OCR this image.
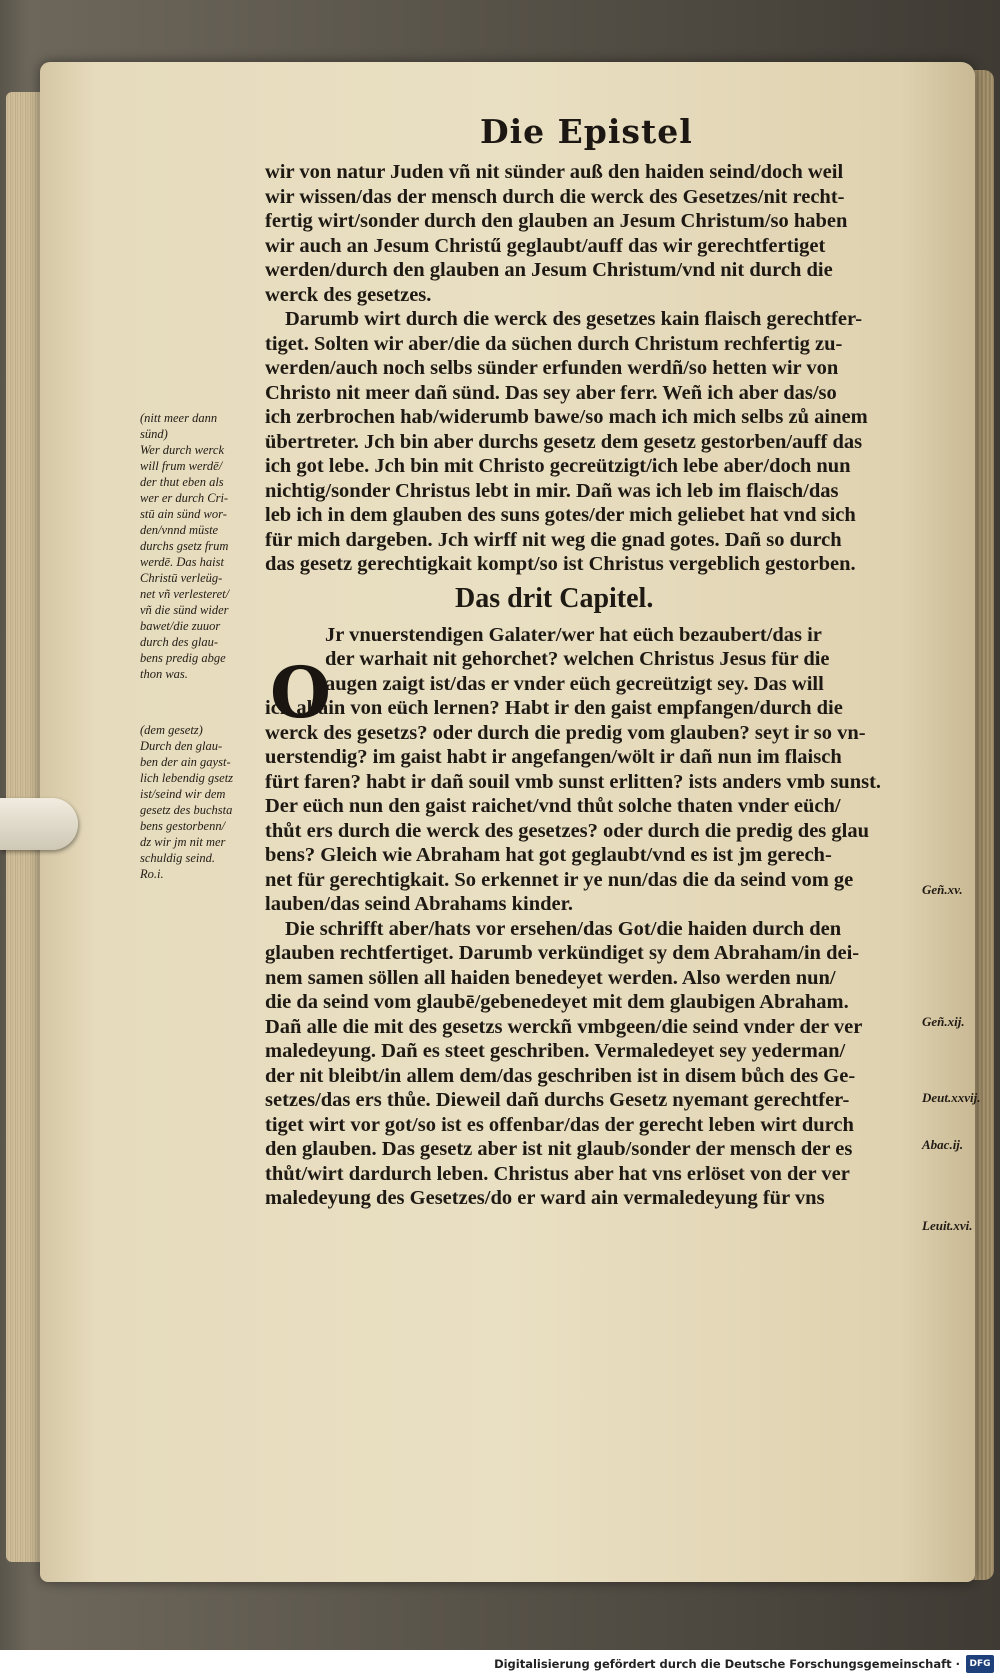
Die Epistel
wir von natur Juden vñ nit sünder auß den haiden seind/doch weil
wir wissen/das der mensch durch die werck des Gesetzes/nit recht-
fertig wirt/sonder durch den glauben an Jesum Christum/so haben
wir auch an Jesum Christű geglaubt/auff das wir gerechtfertiget
werden/durch den glauben an Jesum Christum/vnd nit durch die
werck des gesetzes.
Darumb wirt durch die werck des gesetzes kain flaisch gerechtfer-
tiget. Solten wir aber/die da süchen durch Christum rechfertig zu-
werden/auch noch selbs sünder erfunden werdñ/so hetten wir von
Christo nit meer dañ sünd. Das sey aber ferr. Weñ ich aber das/so
ich zerbrochen hab/widerumb bawe/so mach ich mich selbs zů ainem
übertreter. Jch bin aber durchs gesetz dem gesetz gestorben/auff das
ich got lebe. Jch bin mit Christo gecreützigt/ich lebe aber/doch nun
nichtig/sonder Christus lebt in mir. Dañ was ich leb im flaisch/das
leb ich in dem glauben des suns gotes/der mich geliebet hat vnd sich
für mich dargeben. Jch wirff nit weg die gnad gotes. Dañ so durch
das gesetz gerechtigkait kompt/so ist Christus vergeblich gestorben.
Das drit Capitel.
Jr vnuerstendigen Galater/wer hat eüch bezaubert/das ir
der warhait nit gehorchet? welchen Christus Jesus für die
augen zaigt ist/das er vnder eüch gecreützigt sey. Das will
ich allain von eüch lernen? Habt ir den gaist empfangen/durch die
werck des gesetzs? oder durch die predig vom glauben? seyt ir so vn-
uerstendig? im gaist habt ir angefangen/wölt ir dañ nun im flaisch
fürt faren? habt ir dañ souil vmb sunst erlitten? ists anders vmb sunst.
Der eüch nun den gaist raichet/vnd thůt solche thaten vnder eüch/
thůt ers durch die werck des gesetzes? oder durch die predig des glau
bens? Gleich wie Abraham hat got geglaubt/vnd es ist jm gerech-
net für gerechtigkait. So erkennet ir ye nun/das die da seind vom ge
lauben/das seind Abrahams kinder.
Die schrifft aber/hats vor ersehen/das Got/die haiden durch den
glauben rechtfertiget. Darumb verkündiget sy dem Abraham/in dei-
nem samen söllen all haiden benedeyet werden. Also werden nun/
die da seind vom glaubē/gebenedeyet mit dem glaubigen Abraham.
Dañ alle die mit des gesetzs werckñ vmbgeen/die seind vnder der ver
maledeyung. Dañ es steet geschriben. Vermaledeyet sey yederman/
der nit bleibt/in allem dem/das geschriben ist in disem bůch des Ge-
setzes/das ers thůe. Dieweil dañ durchs Gesetz nyemant gerechtfer-
tiget wirt vor got/so ist es offenbar/das der gerecht leben wirt durch
den glauben. Das gesetz aber ist nit glaub/sonder der mensch der es
thůt/wirt dardurch leben. Christus aber hat vns erlöset von der ver
maledeyung des Gesetzes/do er ward ain vermaledeyung für vns
O
(nitt meer dann
sünd)
Wer durch werck
will frum werdē/
der thut eben als
wer er durch Cri-
stū ain sünd wor-
den/vnnd müste
durchs gsetz frum
werdē. Das haist
Christū verleüg-
net vñ verlesteret/
vñ die sünd wider
bawet/die zuuor
durch des glau-
bens predig abge
thon was.
(dem gesetz)
Durch den glau-
ben der ain gayst-
lich lebendig gsetz
ist/seind wir dem
gesetz des buchsta
bens gestorbenn/
dz wir jm nit mer
schuldig seind.
Ro.i.
Geñ.xv.
Geñ.xij.
Deut.xxvij.
Abac.ij.
Leuit.xvi.
Digitalisierung gefördert durch die Deutsche Forschungsgemeinschaft ·	DFG
